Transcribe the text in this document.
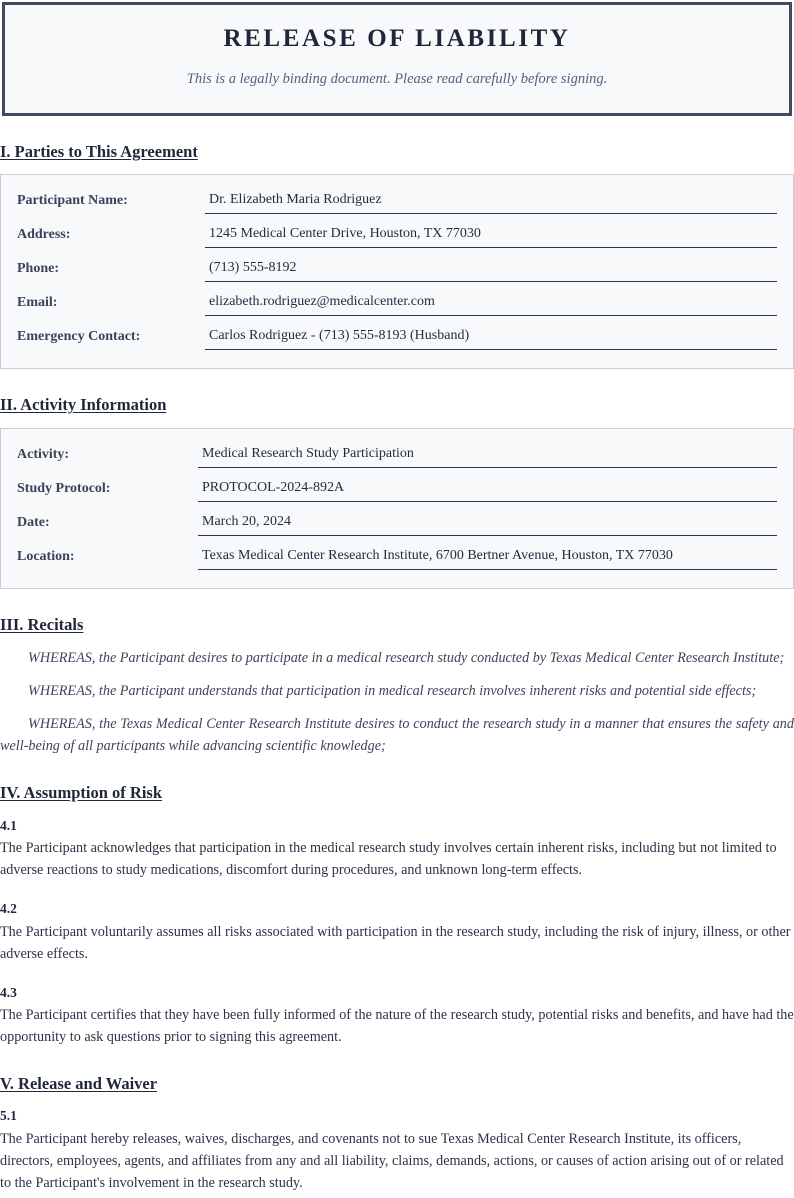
RELEASE OF LIABILITY
This is a legally binding document. Please read carefully before signing.
I. Parties to This Agreement
Participant Name:	Dr. Elizabeth Maria Rodriguez
Address:	1245 Medical Center Drive, Houston, TX 77030
Phone:	(713) 555-8192
Email:	elizabeth.rodriguez@medicalcenter.com
Emergency Contact:	Carlos Rodriguez - (713) 555-8193 (Husband)
II. Activity Information
Activity:	Medical Research Study Participation
Study Protocol:	PROTOCOL-2024-892A
Date:	March 20, 2024
Location:	Texas Medical Center Research Institute, 6700 Bertner Avenue, Houston, TX 77030
III. Recitals

WHEREAS, the Participant desires to participate in a medical research study conducted by Texas Medical Center Research Institute;

WHEREAS, the Participant understands that participation in medical research involves inherent risks and potential side effects;

WHEREAS, the Texas Medical Center Research Institute desires to conduct the research study in a manner that ensures the safety and well-being of all participants while advancing scientific knowledge;

IV. Assumption of Risk
4.1

The Participant acknowledges that participation in the medical research study involves certain inherent risks, including but not limited to adverse reactions to study medications, discomfort during procedures, and unknown long-term effects.

4.2

The Participant voluntarily assumes all risks associated with participation in the research study, including the risk of injury, illness, or other adverse effects.

4.3

The Participant certifies that they have been fully informed of the nature of the research study, potential risks and benefits, and have had the opportunity to ask questions prior to signing this agreement.

V. Release and Waiver
5.1

The Participant hereby releases, waives, discharges, and covenants not to sue Texas Medical Center Research Institute, its officers, directors, employees, agents, and affiliates from any and all liability, claims, demands, actions, or causes of action arising out of or related to the Participant's involvement in the research study.
